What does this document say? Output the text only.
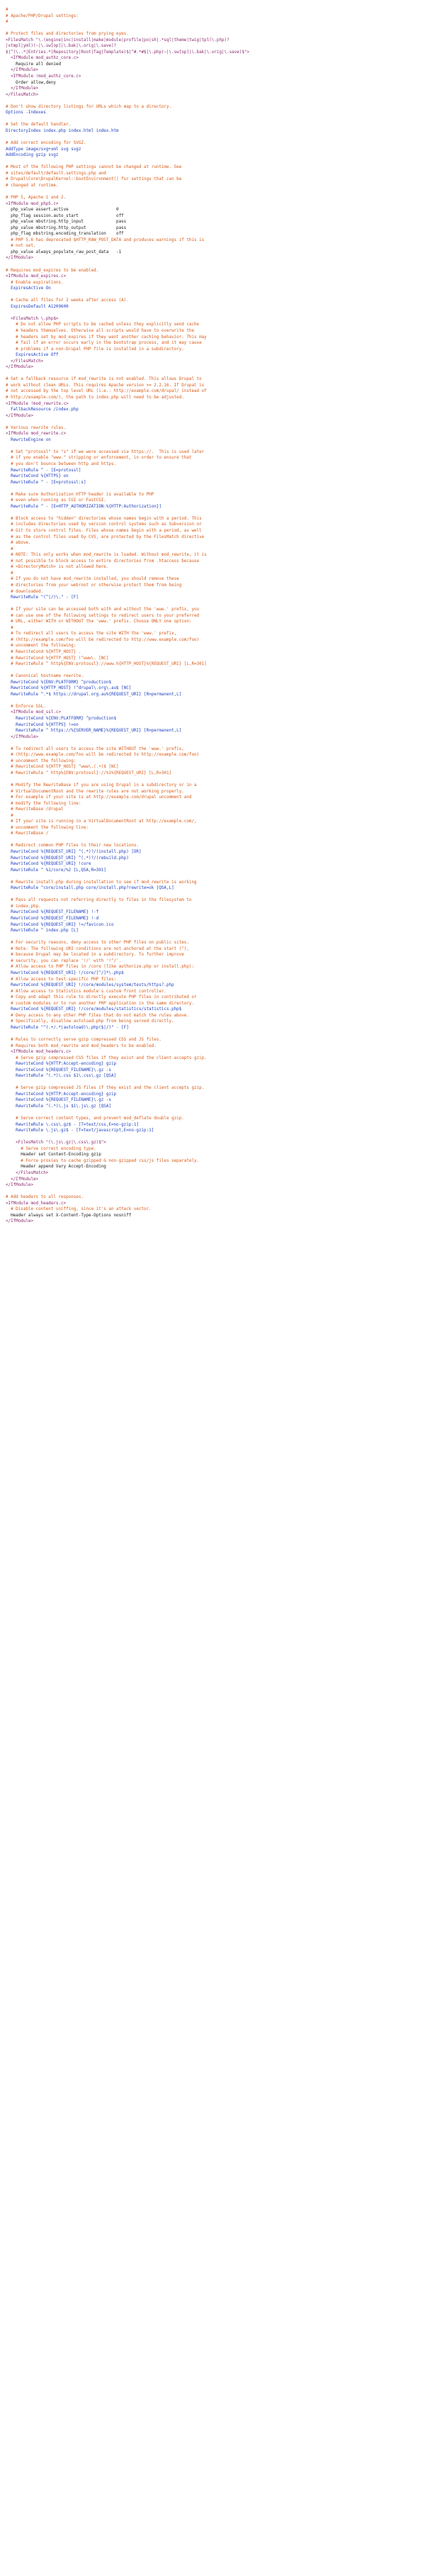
#
# Apache/PHP/Drupal settings:
#
# Protect files and directories from prying eyes.
<FilesMatch "\.(engine|inc|install|make|module|profile|po|sh|.*sql|theme|twig|tpl(\.php)?
|xtmpl|yml)(~|\.sw[op]|\.bak|\.orig|\.save)?
$|^(\..*|Entries.*|Repository|Root|Tag|Template)$|^#.*#$|\.php(~|\.sw[op]|\.bak|\.orig|\.save)$">
<IfModule mod_authz_core.c>
Require all denied
</IfModule>
<IfModule !mod_authz_core.c>
Order allow,deny
</IfModule>
</FilesMatch>
# Don't show directory listings for URLs which map to a directory.
Options -Indexes
# Set the default handler.
DirectoryIndex index.php index.html index.htm
# Add correct encoding for SVGZ.
AddType image/svg+xml svg svgz
AddEncoding gzip svgz
# Most of the following PHP settings cannot be changed at runtime. See
# sites/default/default.settings.php and
# Drupal\Core\DrupalKernel::bootEnvironment() for settings that can be
# changed at runtime.
# PHP 5, Apache 1 and 2.
<IfModule mod_php5.c>
php_value assert.active                   0
php_flag session.auto_start               off
php_value mbstring.http_input             pass
php_value mbstring.http_output            pass
php_flag mbstring.encoding_translation    off
# PHP 5.6 has deprecated $HTTP_RAW_POST_DATA and produces warnings if this is
# not set.
php_value always_populate_raw_post_data   -1
</IfModule>
# Requires mod_expires to be enabled.
<IfModule mod_expires.c>
# Enable expirations.
ExpiresActive On
# Cache all files for 2 weeks after access (A).
ExpiresDefault A1209600
<FilesMatch \.php$>
# Do not allow PHP scripts to be cached unless they explicitly send cache
# headers themselves. Otherwise all scripts would have to overwrite the
# headers set by mod_expires if they want another caching behavior. This may
# fail if an error occurs early in the bootstrap process, and it may cause
# problems if a non-Drupal PHP file is installed in a subdirectory.
ExpiresActive Off
</FilesMatch>
</IfModule>
# Set a fallback resource if mod_rewrite is not enabled. This allows Drupal to
# work without clean URLs. This requires Apache version >= 2.2.16. If Drupal is
# not accessed by the top level URL (i.e.: http://example.com/drupal/ instead of
# http://example.com/), the path to index.php will need to be adjusted.
<IfModule !mod_rewrite.c>
FallbackResource /index.php
</IfModule>
# Various rewrite rules.
<IfModule mod_rewrite.c>
RewriteEngine on
# Set "protossl" to "s" if we were accessed via https://.  This is used later
# if you enable "www." stripping or enforcement, in order to ensure that
# you don't bounce between http and https.
RewriteRule ^ - [E=protossl]
RewriteCond %{HTTPS} on
RewriteRule ^ - [E=protossl:s]
# Make sure Authorization HTTP header is available to PHP
# even when running as CGI or FastCGI.
RewriteRule ^ - [E=HTTP_AUTHORIZATION:%{HTTP:Authorization}]
# Block access to "hidden" directories whose names begin with a period. This
# includes directories used by version control systems such as Subversion or
# Git to store control files. Files whose names begin with a period, as well
# as the control files used by CVS, are protected by the FilesMatch directive
# above.
#
# NOTE: This only works when mod_rewrite is loaded. Without mod_rewrite, it is
# not possible to block access to entire directories from .htaccess because
# <DirectoryMatch> is not allowed here.
#
# If you do not have mod_rewrite installed, you should remove these
# directories from your webroot or otherwise protect them from being
# downloaded.
RewriteRule "(^|/)\." - [F]
# If your site can be accessed both with and without the 'www.' prefix, you
# can use one of the following settings to redirect users to your preferred
# URL, either WITH or WITHOUT the 'www.' prefix. Choose ONLY one option:
#
# To redirect all users to access the site WITH the 'www.' prefix,
# (http://example.com/foo will be redirected to http://www.example.com/foo)
# uncomment the following:
# RewriteCond %{HTTP_HOST} .
# RewriteCond %{HTTP_HOST} !^www\. [NC]
# RewriteRule ^ http%{ENV:protossl}://www.%{HTTP_HOST}%{REQUEST_URI} [L,R=301]
# Canonical hostname rewrite.
RewriteCond %{ENV:PLATFORM} ^production$
RewriteCond %{HTTP_HOST} !^drupal\.org\.au$ [NC]
RewriteRule ^.*$ https://drupal.org.au%{REQUEST_URI} [R=permanent,L]
# Enforce SSL.
<IfModule mod_ssl.c>
RewriteCond %{ENV:PLATFORM} ^production$
RewriteCond %{HTTPS} !=on
RewriteRule ^ https://%{SERVER_NAME}%{REQUEST_URI} [R=permanent,L]
</IfModule>
# To redirect all users to access the site WITHOUT the 'www.' prefix,
# (http://www.example.com/foo will be redirected to http://example.com/foo)
# uncomment the following:
# RewriteCond %{HTTP_HOST} ^www\.(.+)$ [NC]
# RewriteRule ^ http%{ENV:protossl}://%1%{REQUEST_URI} [L,R=301]
# Modify the RewriteBase if you are using Drupal in a subdirectory or in a
# VirtualDocumentRoot and the rewrite rules are not working properly.
# For example if your site is at http://example.com/drupal uncomment and
# modify the following line:
# RewriteBase /drupal
#
# If your site is running in a VirtualDocumentRoot at http://example.com/,
# uncomment the following line:
# RewriteBase /
# Redirect common PHP files to their new locations.
RewriteCond %{REQUEST_URI} ^(.*)?/(install.php) [OR]
RewriteCond %{REQUEST_URI} ^(.*)?/(rebuild.php)
RewriteCond %{REQUEST_URI} !core
RewriteRule ^ %1/core/%2 [L,QSA,R=301]
# Rewrite install.php during installation to see if mod_rewrite is working
RewriteRule ^core/install.php core/install.php?rewrite=ok [QSA,L]
# Pass all requests not referring directly to files in the filesystem to
# index.php.
RewriteCond %{REQUEST_FILENAME} !-f
RewriteCond %{REQUEST_FILENAME} !-d
RewriteCond %{REQUEST_URI} !=/favicon.ico
RewriteRule ^ index.php [L]
# For security reasons, deny access to other PHP files on public sites.
# Note: The following URI conditions are not anchored at the start (^),
# because Drupal may be located in a subdirectory. To further improve
# security, you can replace '!/' with '!^/'.
# Allow access to PHP files in /core (like authorize.php or install.php):
RewriteCond %{REQUEST_URI} !/core/[^/]*\.php$
# Allow access to test-specific PHP files:
RewriteCond %{REQUEST_URI} !/core/modules/system/tests/https?.php
# Allow access to Statistics module's custom front controller.
# Copy and adapt this rule to directly execute PHP files in contributed or
# custom modules or to run another PHP application in the same directory.
RewriteCond %{REQUEST_URI} !/core/modules/statistics/statistics.php$
# Deny access to any other PHP files that do not match the rules above.
# Specifically, disallow autoload.php from being served directly.
RewriteRule "^(.+/.*|autoload)\.php($|/)" - [F]
# Rules to correctly serve gzip compressed CSS and JS files.
# Requires both mod_rewrite and mod_headers to be enabled.
<IfModule mod_headers.c>
# Serve gzip compressed CSS files if they exist and the client accepts gzip.
RewriteCond %{HTTP:Accept-encoding} gzip
RewriteCond %{REQUEST_FILENAME}\.gz -s
RewriteRule ^(.*)\.css $1\.css\.gz [QSA]
# Serve gzip compressed JS files if they exist and the client accepts gzip.
RewriteCond %{HTTP:Accept-encoding} gzip
RewriteCond %{REQUEST_FILENAME}\.gz -s
RewriteRule ^(.*)\.js $1\.js\.gz [QSA]
# Serve correct content types, and prevent mod_deflate double gzip.
RewriteRule \.css\.gz$ - [T=text/css,E=no-gzip:1]
RewriteRule \.js\.gz$ - [T=text/javascript,E=no-gzip:1]
<FilesMatch "(\.js\.gz|\.css\.gz)$">
# Serve correct encoding type.
Header set Content-Encoding gzip
# Force proxies to cache gzipped & non-gzipped css/js files separately.
Header append Vary Accept-Encoding
</FilesMatch>
</IfModule>
</IfModule>
# Add headers to all responses.
<IfModule mod_headers.c>
# Disable content sniffing, since it's an attack vector.
Header always set X-Content-Type-Options nosniff
</IfModule>
